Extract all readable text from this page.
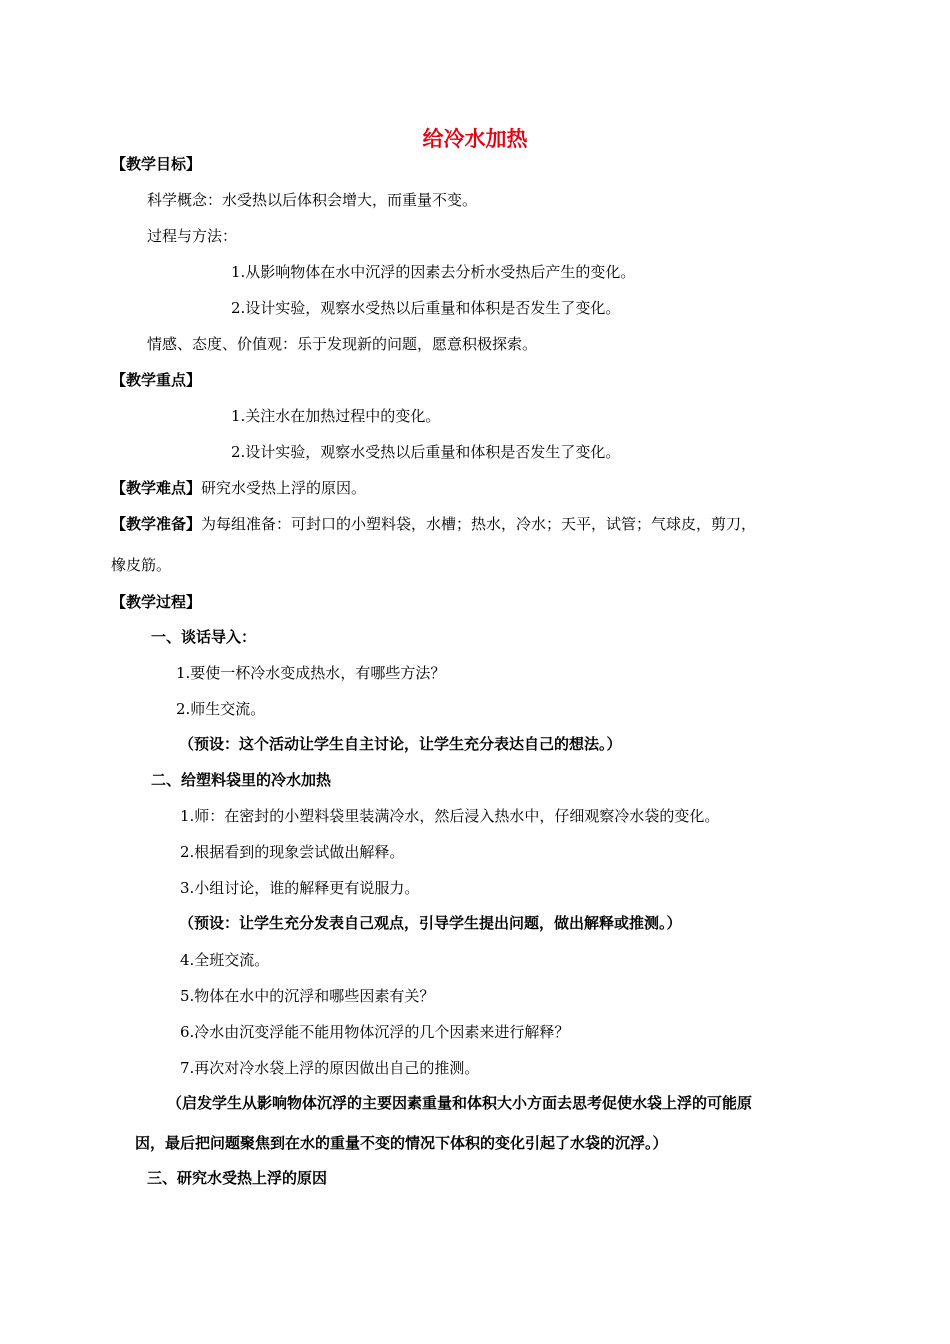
给冷水加热
【教学目标】
科学概念：水受热以后体积会增大，而重量不变。
过程与方法：
1.从影响物体在水中沉浮的因素去分析水受热后产生的变化。
2.设计实验，观察水受热以后重量和体积是否发生了变化。
情感、态度、价值观：乐于发现新的问题，愿意积极探索。
【教学重点】
1.关注水在加热过程中的变化。
2.设计实验，观察水受热以后重量和体积是否发生了变化。
【教学难点】研究水受热上浮的原因。
【教学准备】为每组准备：可封口的小塑料袋，水槽；热水，冷水；天平，试管；气球皮，剪刀，
橡皮筋。
【教学过程】
一、谈话导入：
1.要使一杯冷水变成热水，有哪些方法？
2.师生交流。
（预设：这个活动让学生自主讨论，让学生充分表达自己的想法。）
二、给塑料袋里的冷水加热
1.师：在密封的小塑料袋里装满冷水，然后浸入热水中，仔细观察冷水袋的变化。
2.根据看到的现象尝试做出解释。
3.小组讨论，谁的解释更有说服力。
（预设：让学生充分发表自己观点，引导学生提出问题，做出解释或推测。）
4.全班交流。
5.物体在水中的沉浮和哪些因素有关？
6.冷水由沉变浮能不能用物体沉浮的几个因素来进行解释？
7.再次对冷水袋上浮的原因做出自己的推测。
（启发学生从影响物体沉浮的主要因素重量和体积大小方面去思考促使水袋上浮的可能原
因，最后把问题聚焦到在水的重量不变的情况下体积的变化引起了水袋的沉浮。）
三、研究水受热上浮的原因
